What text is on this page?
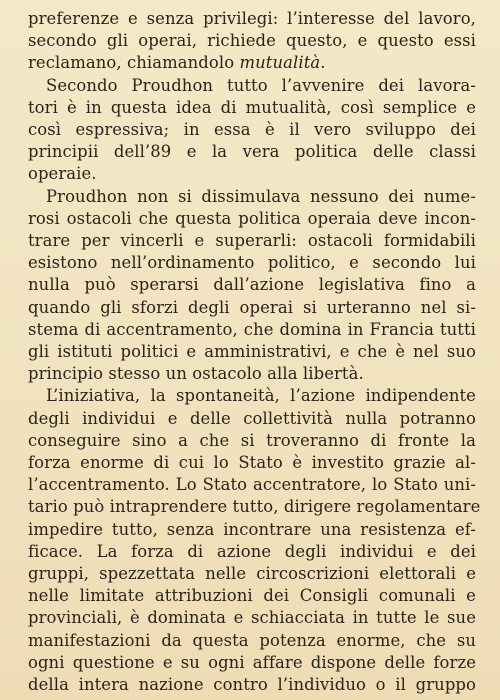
preferenze e senza privilegi: l’interesse del lavoro,
secondo gli operai, richiede questo, e questo essi
reclamano, chiamandolo mutualità.
Secondo Proudhon tutto l’avvenire dei lavora-
tori è in questa idea di mutualità, così semplice e
così espressiva; in essa è il vero sviluppo dei
principii dell’89 e la vera politica delle classi
operaie.
Proudhon non si dissimulava nessuno dei nume-
rosi ostacoli che questa politica operaia deve incon-
trare per vincerli e superarli: ostacoli formidabili
esistono nell’ordinamento politico, e secondo lui
nulla può sperarsi dall’azione legislativa fino a
quando gli sforzi degli operai si urteranno nel si-
stema di accentramento, che domina in Francia tutti
gli istituti politici e amministrativi, e che è nel suo
principio stesso un ostacolo alla libertà.
L’iniziativa, la spontaneità, l’azione indipendente
degli individui e delle collettività nulla potranno
conseguire sino a che si troveranno di fronte la
forza enorme di cui lo Stato è investito grazie al-
l’accentramento. Lo Stato accentratore, lo Stato uni-
tario può intraprendere tutto, dirigere regolamentare
impedire tutto, senza incontrare una resistenza ef-
ficace. La forza di azione degli individui e dei
gruppi, spezzettata nelle circoscrizioni elettorali e
nelle limitate attribuzioni dei Consigli comunali e
provinciali, è dominata e schiacciata in tutte le sue
manifestazioni da questa potenza enorme, che su
ogni questione e su ogni affare dispone delle forze
della intera nazione contro l’individuo o il gruppo
